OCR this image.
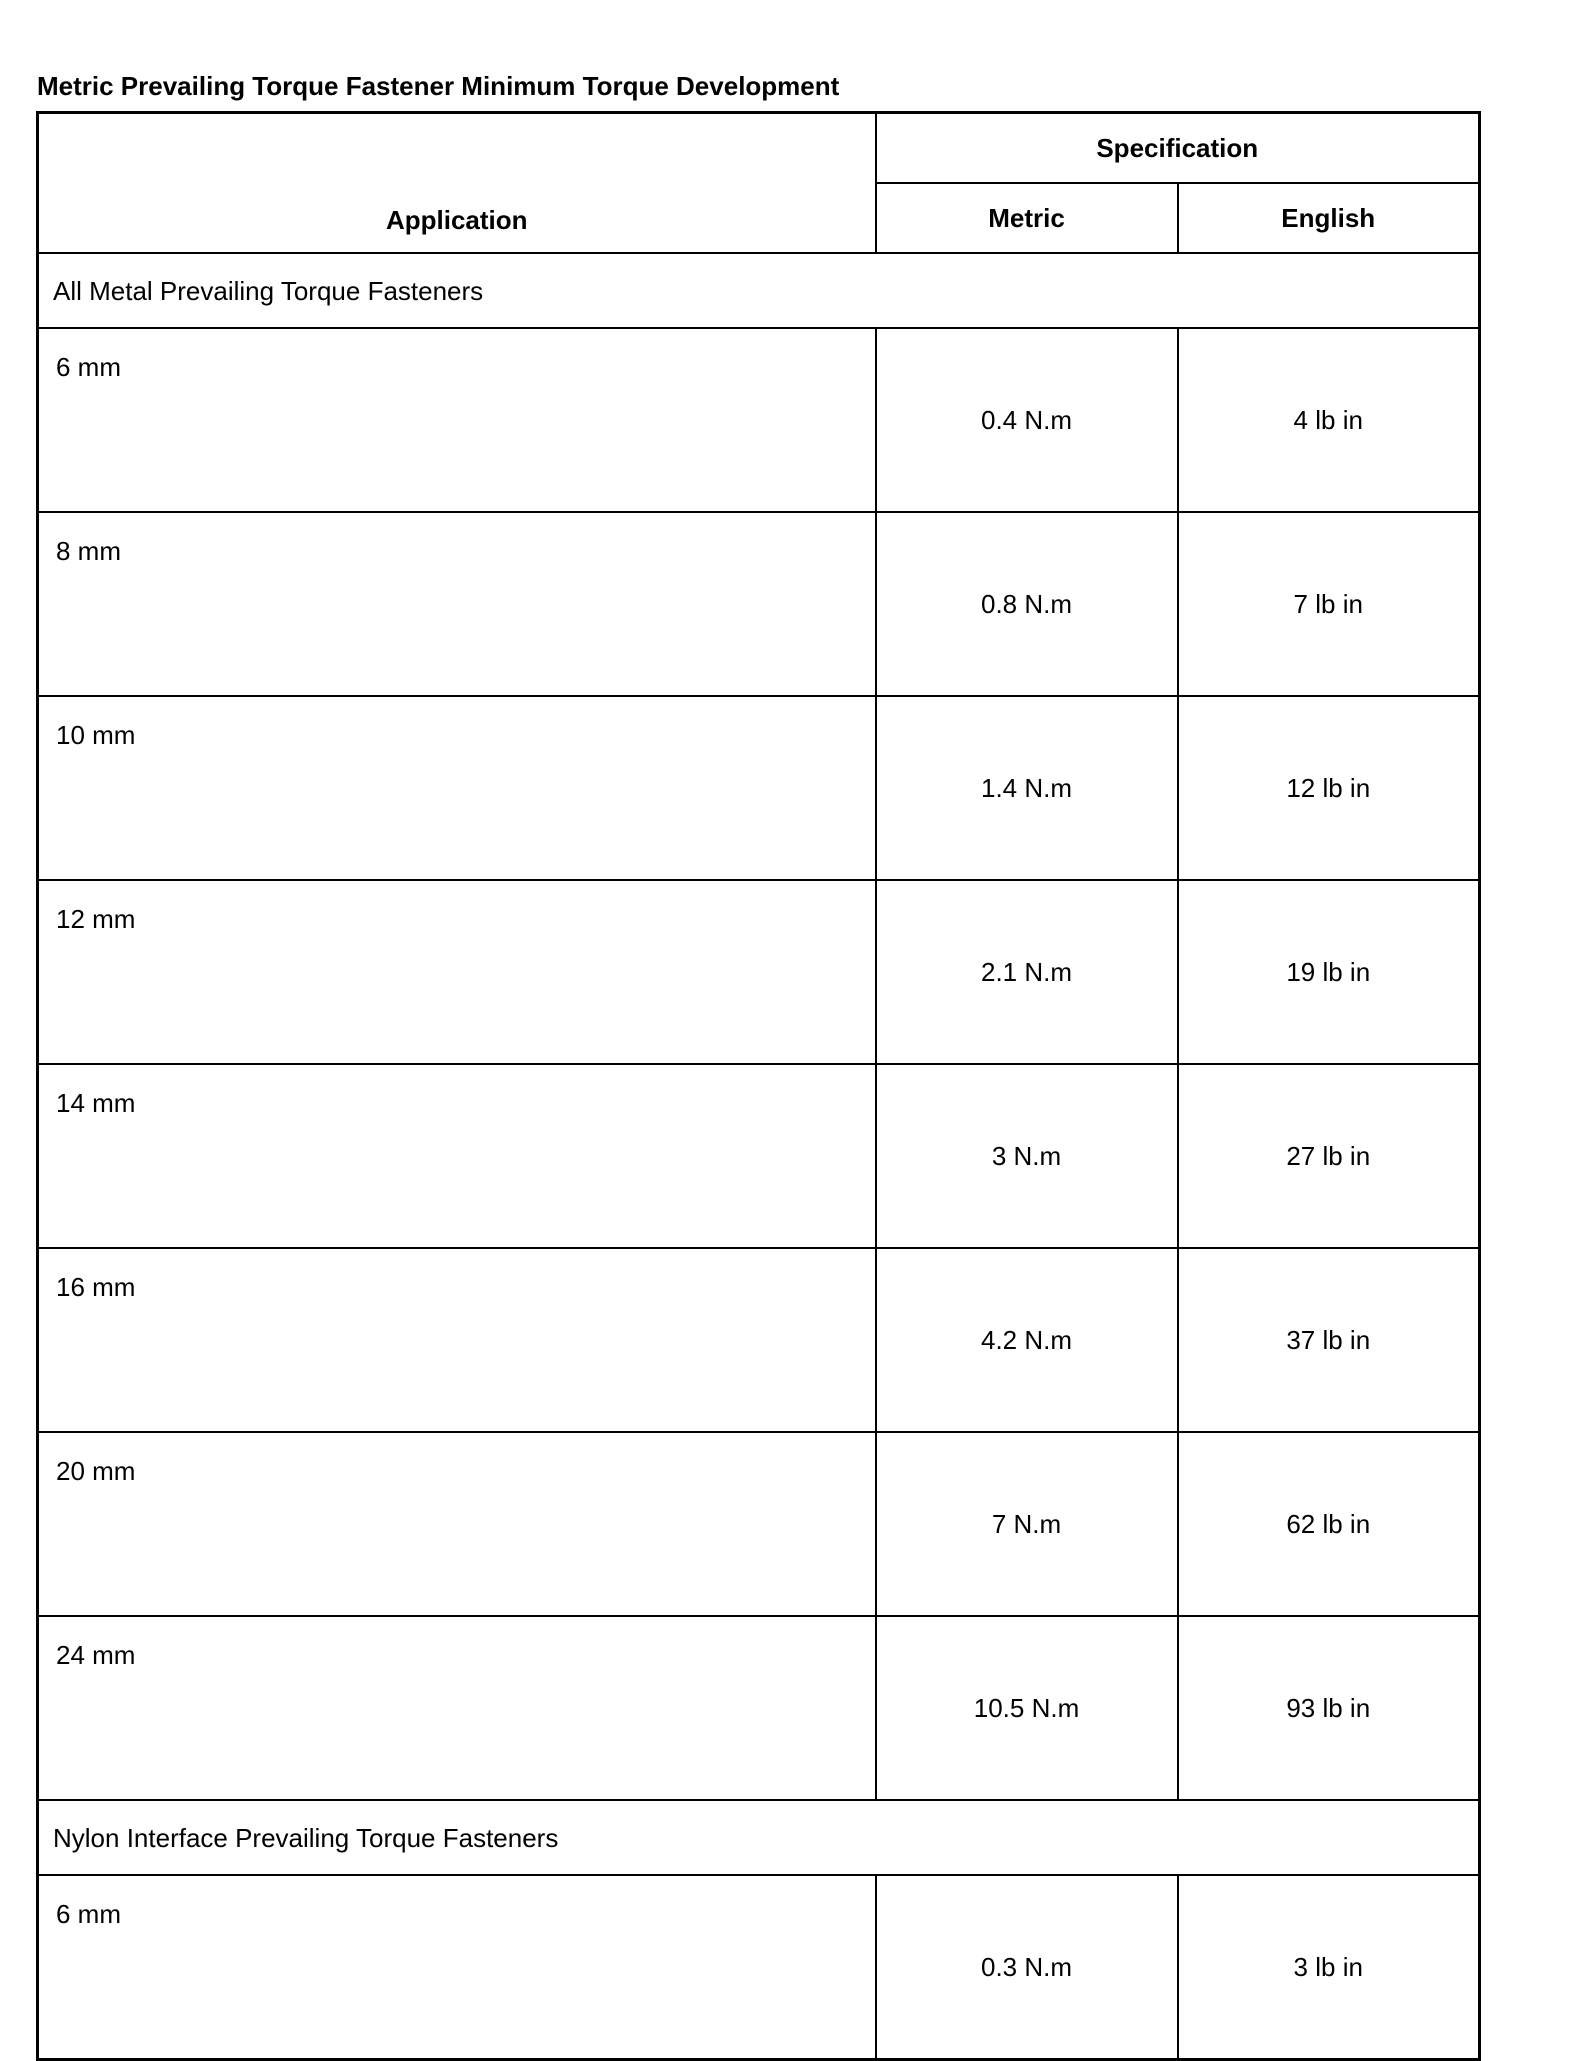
Metric Prevailing Torque Fastener Minimum Torque Development
Application	Specification	
	Metric	English
All Metal Prevailing Torque Fasteners		
6 mm	0.4 N.m	4 lb in
8 mm	0.8 N.m	7 lb in
10 mm	1.4 N.m	12 lb in
12 mm	2.1 N.m	19 lb in
14 mm	3 N.m	27 lb in
16 mm	4.2 N.m	37 lb in
20 mm	7 N.m	62 lb in
24 mm	10.5 N.m	93 lb in
Nylon Interface Prevailing Torque Fasteners		
6 mm	0.3 N.m	3 lb in
